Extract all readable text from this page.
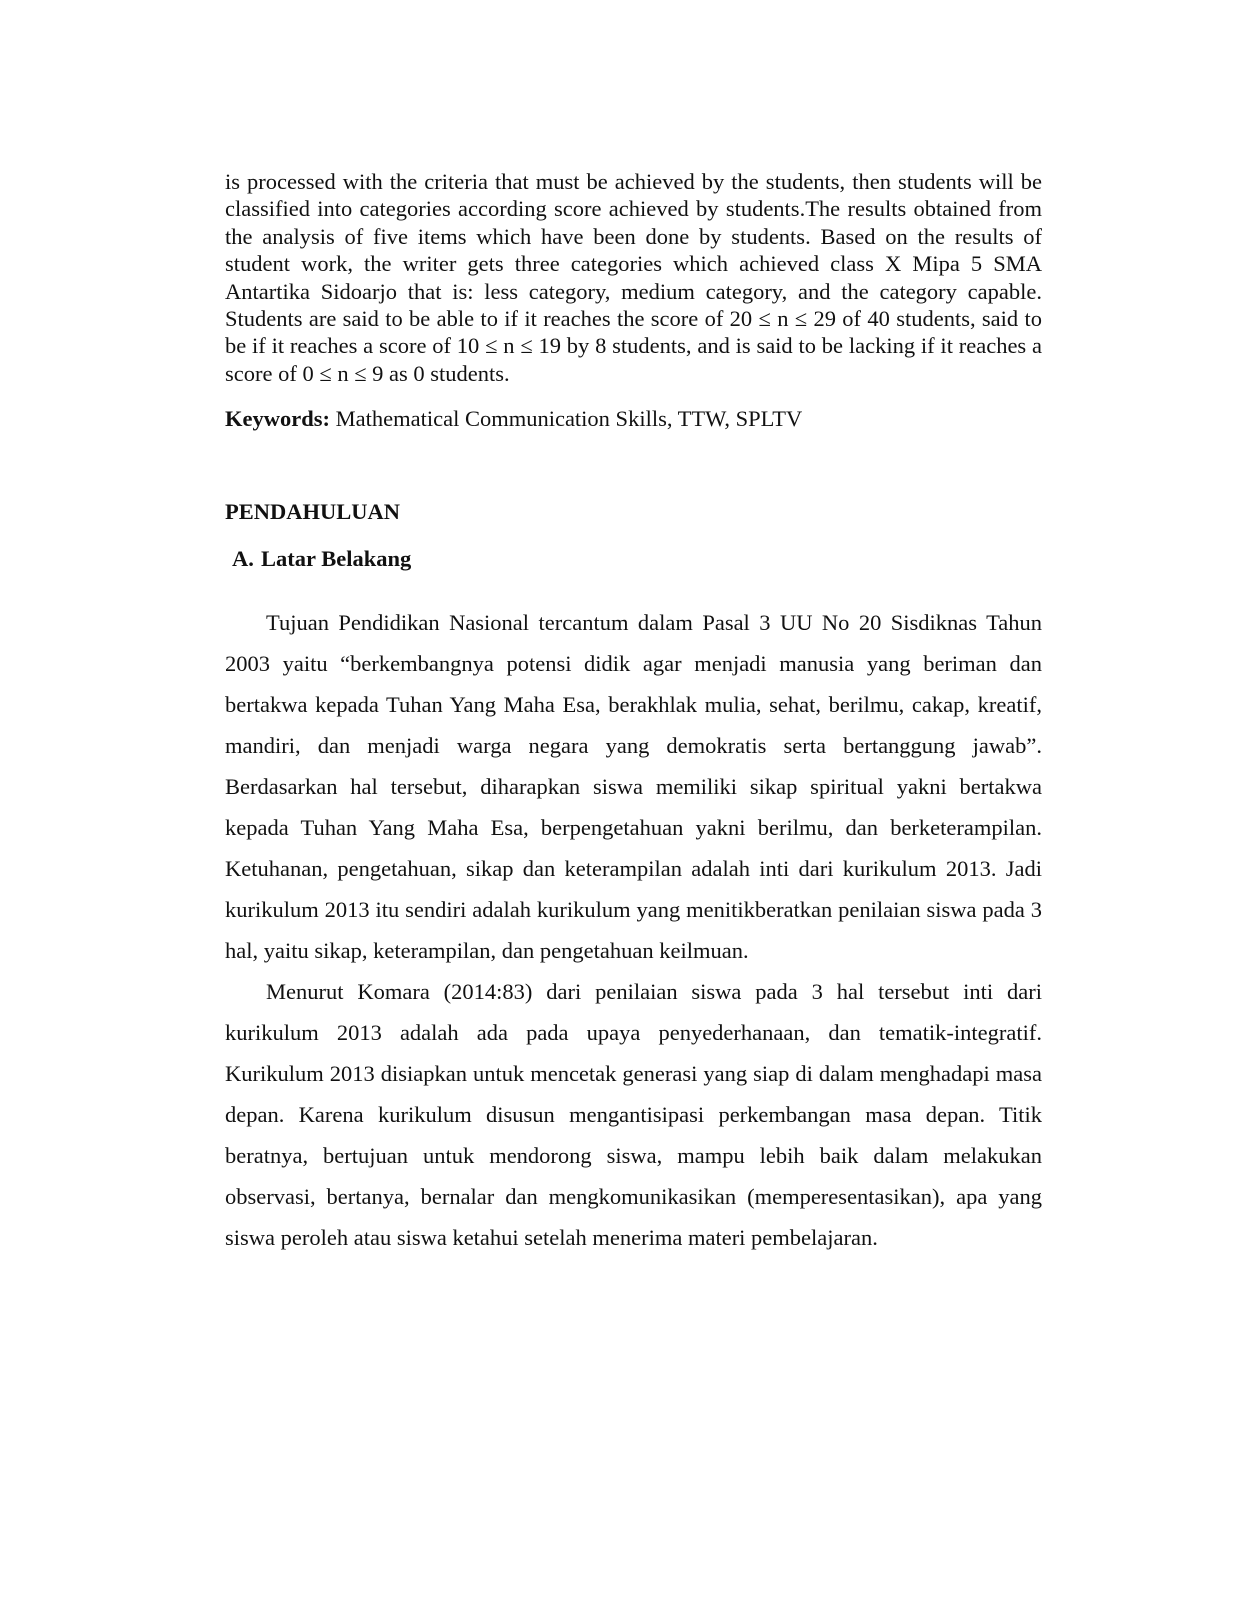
is processed with the criteria that must be achieved by the students, then students will be classified into categories according score achieved by students.The results obtained from the analysis of five items which have been done by students. Based on the results of student work, the writer gets three categories which achieved class X Mipa 5 SMA Antartika Sidoarjo that is: less category, medium category, and the category capable. Students are said to be able to if it reaches the score of 20 ≤ n ≤ 29 of 40 students, said to be if it reaches a score of 10 ≤ n ≤ 19 by 8 students, and is said to be lacking if it reaches a score of 0 ≤ n ≤ 9 as 0 students.

Keywords: Mathematical Communication Skills, TTW, SPLTV

PENDAHULUAN
A. Latar Belakang

Tujuan Pendidikan Nasional tercantum dalam Pasal 3 UU No 20 Sisdiknas Tahun 2003 yaitu “berkembangnya potensi didik agar menjadi manusia yang beriman dan bertakwa kepada Tuhan Yang Maha Esa, berakhlak mulia, sehat, berilmu, cakap, kreatif, mandiri, dan menjadi warga negara yang demokratis serta bertanggung jawab”. Berdasarkan hal tersebut, diharapkan siswa memiliki sikap spiritual yakni bertakwa kepada Tuhan Yang Maha Esa, berpengetahuan yakni berilmu, dan berketerampilan. Ketuhanan, pengetahuan, sikap dan keterampilan adalah inti dari kurikulum 2013. Jadi kurikulum 2013 itu sendiri adalah kurikulum yang menitikberatkan penilaian siswa pada 3 hal, yaitu sikap, keterampilan, dan pengetahuan keilmuan.

Menurut Komara (2014:83) dari penilaian siswa pada 3 hal tersebut inti dari kurikulum 2013 adalah ada pada upaya penyederhanaan, dan tematik-integratif. Kurikulum 2013 disiapkan untuk mencetak generasi yang siap di dalam menghadapi masa depan. Karena kurikulum disusun mengantisipasi perkembangan masa depan. Titik beratnya, bertujuan untuk mendorong siswa, mampu lebih baik dalam melakukan observasi, bertanya, bernalar dan mengkomunikasikan (memperesentasikan), apa yang siswa peroleh atau siswa ketahui setelah menerima materi pembelajaran.
